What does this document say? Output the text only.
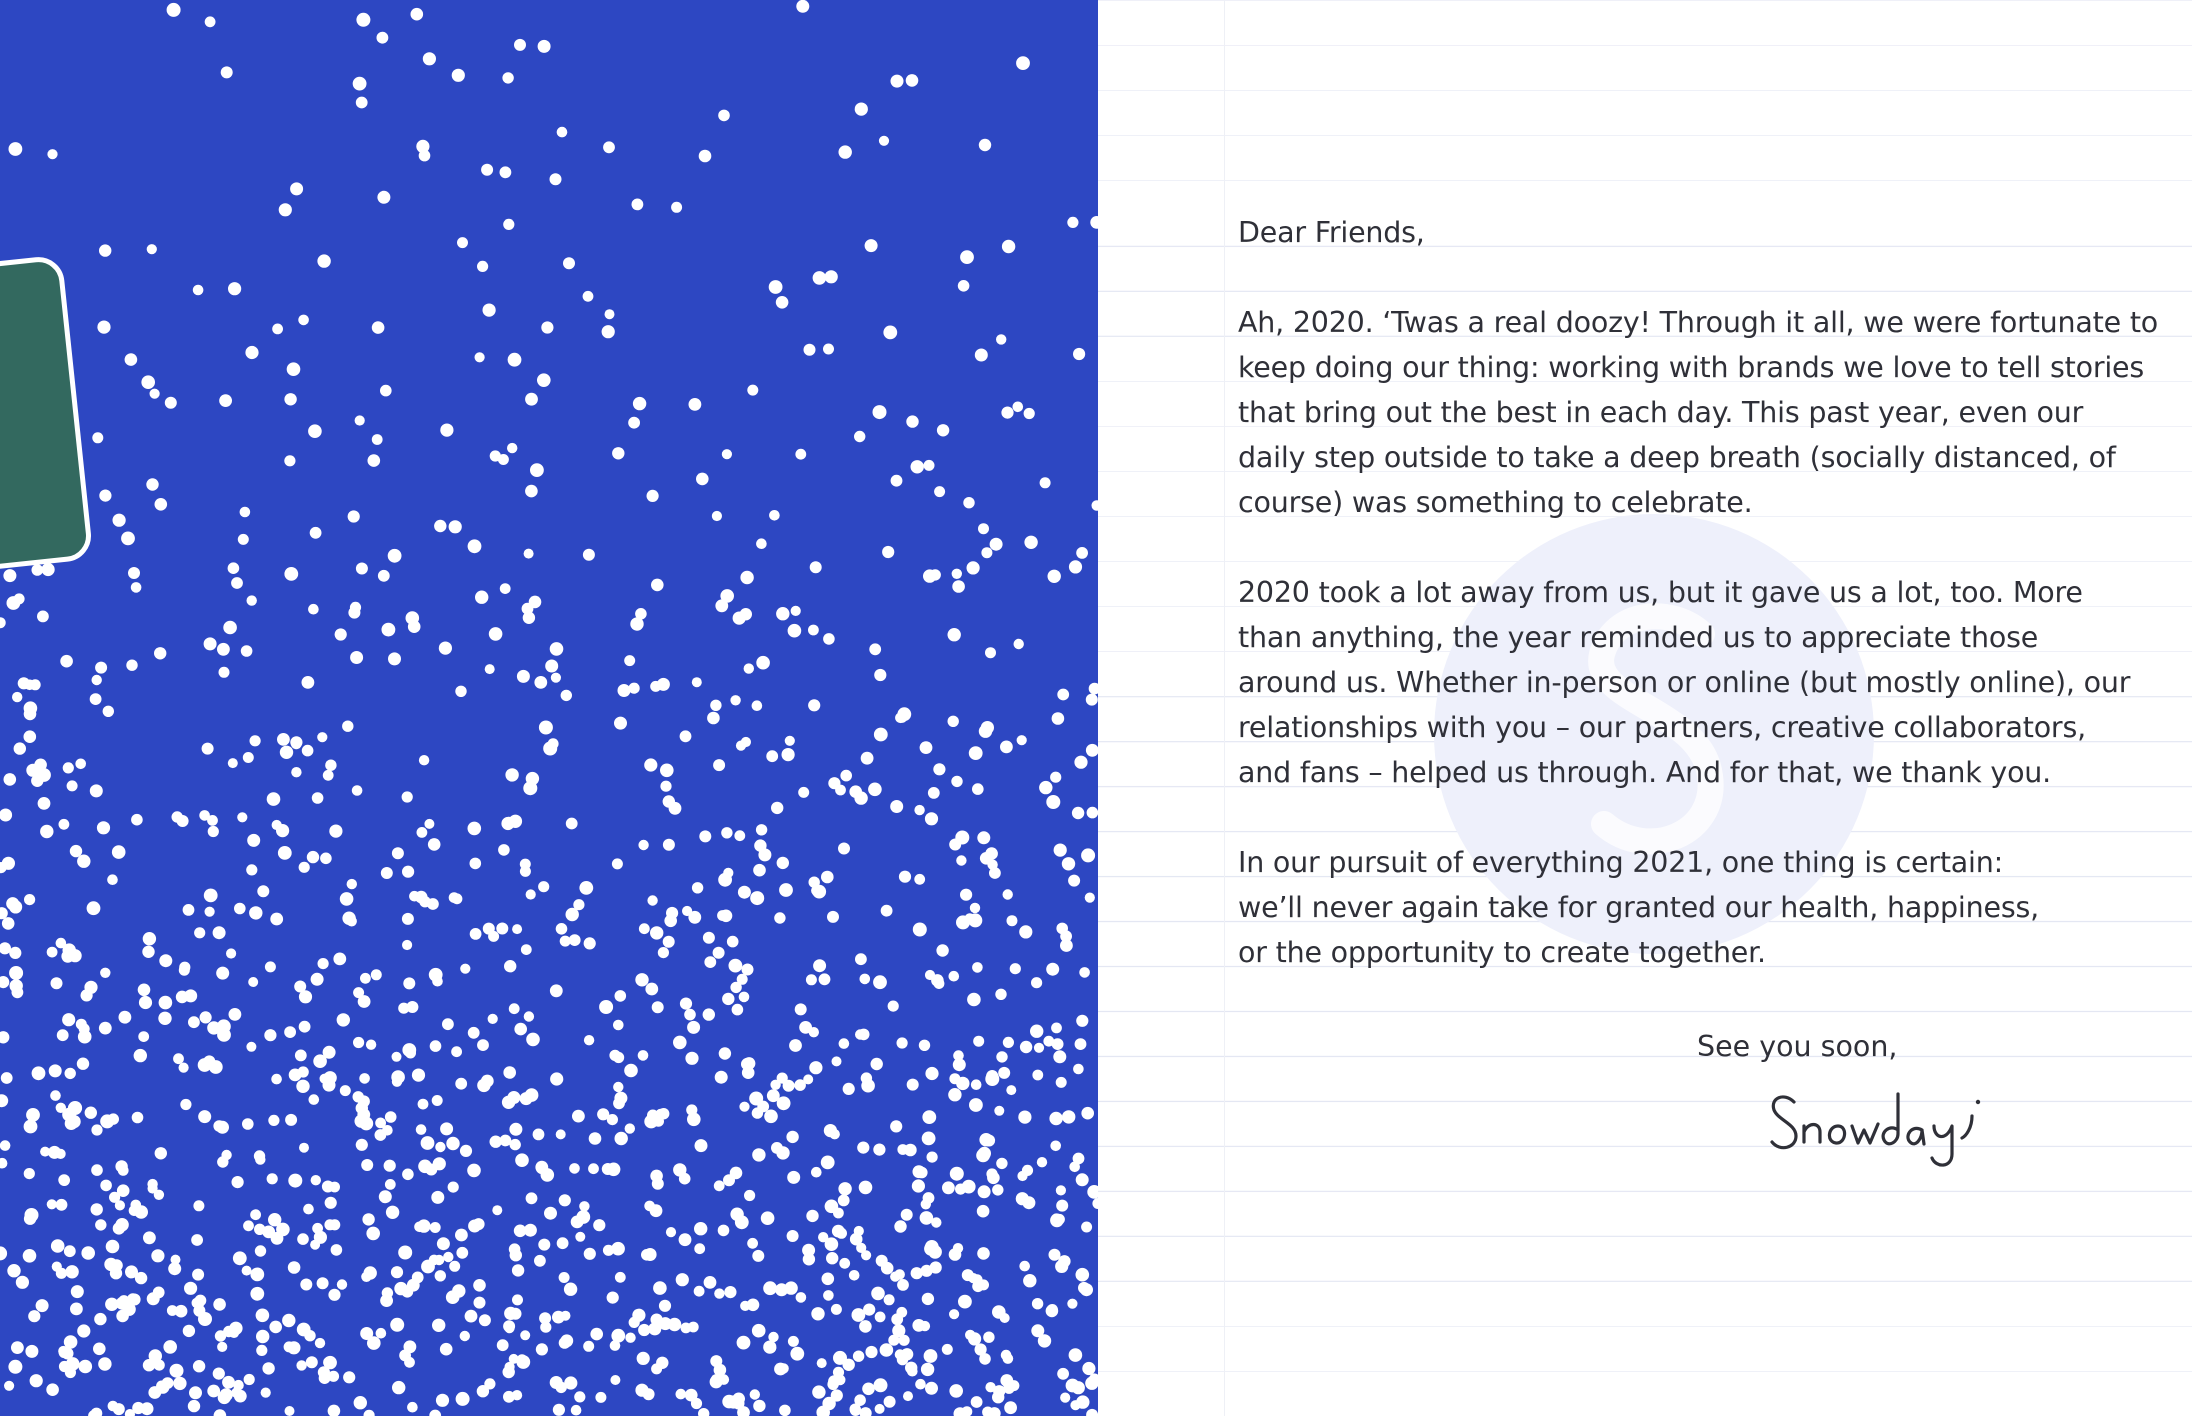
Dear Friends,

Ah, 2020. ‘Twas a real doozy! Through it all, we were fortunate to
keep doing our thing: working with brands we love to tell stories
that bring out the best in each day. This past year, even our
daily step outside to take a deep breath (socially distanced, of
course) was something to celebrate.

2020 took a lot away from us, but it gave us a lot, too. More
than anything, the year reminded us to appreciate those
around us. Whether in-person or online (but mostly online), our
relationships with you – our partners, creative collaborators,
and fans – helped us through. And for that, we thank you.

In our pursuit of everything 2021, one thing is certain:
we’ll never again take for granted our health, happiness,
or the opportunity to create together.

See you soon,
